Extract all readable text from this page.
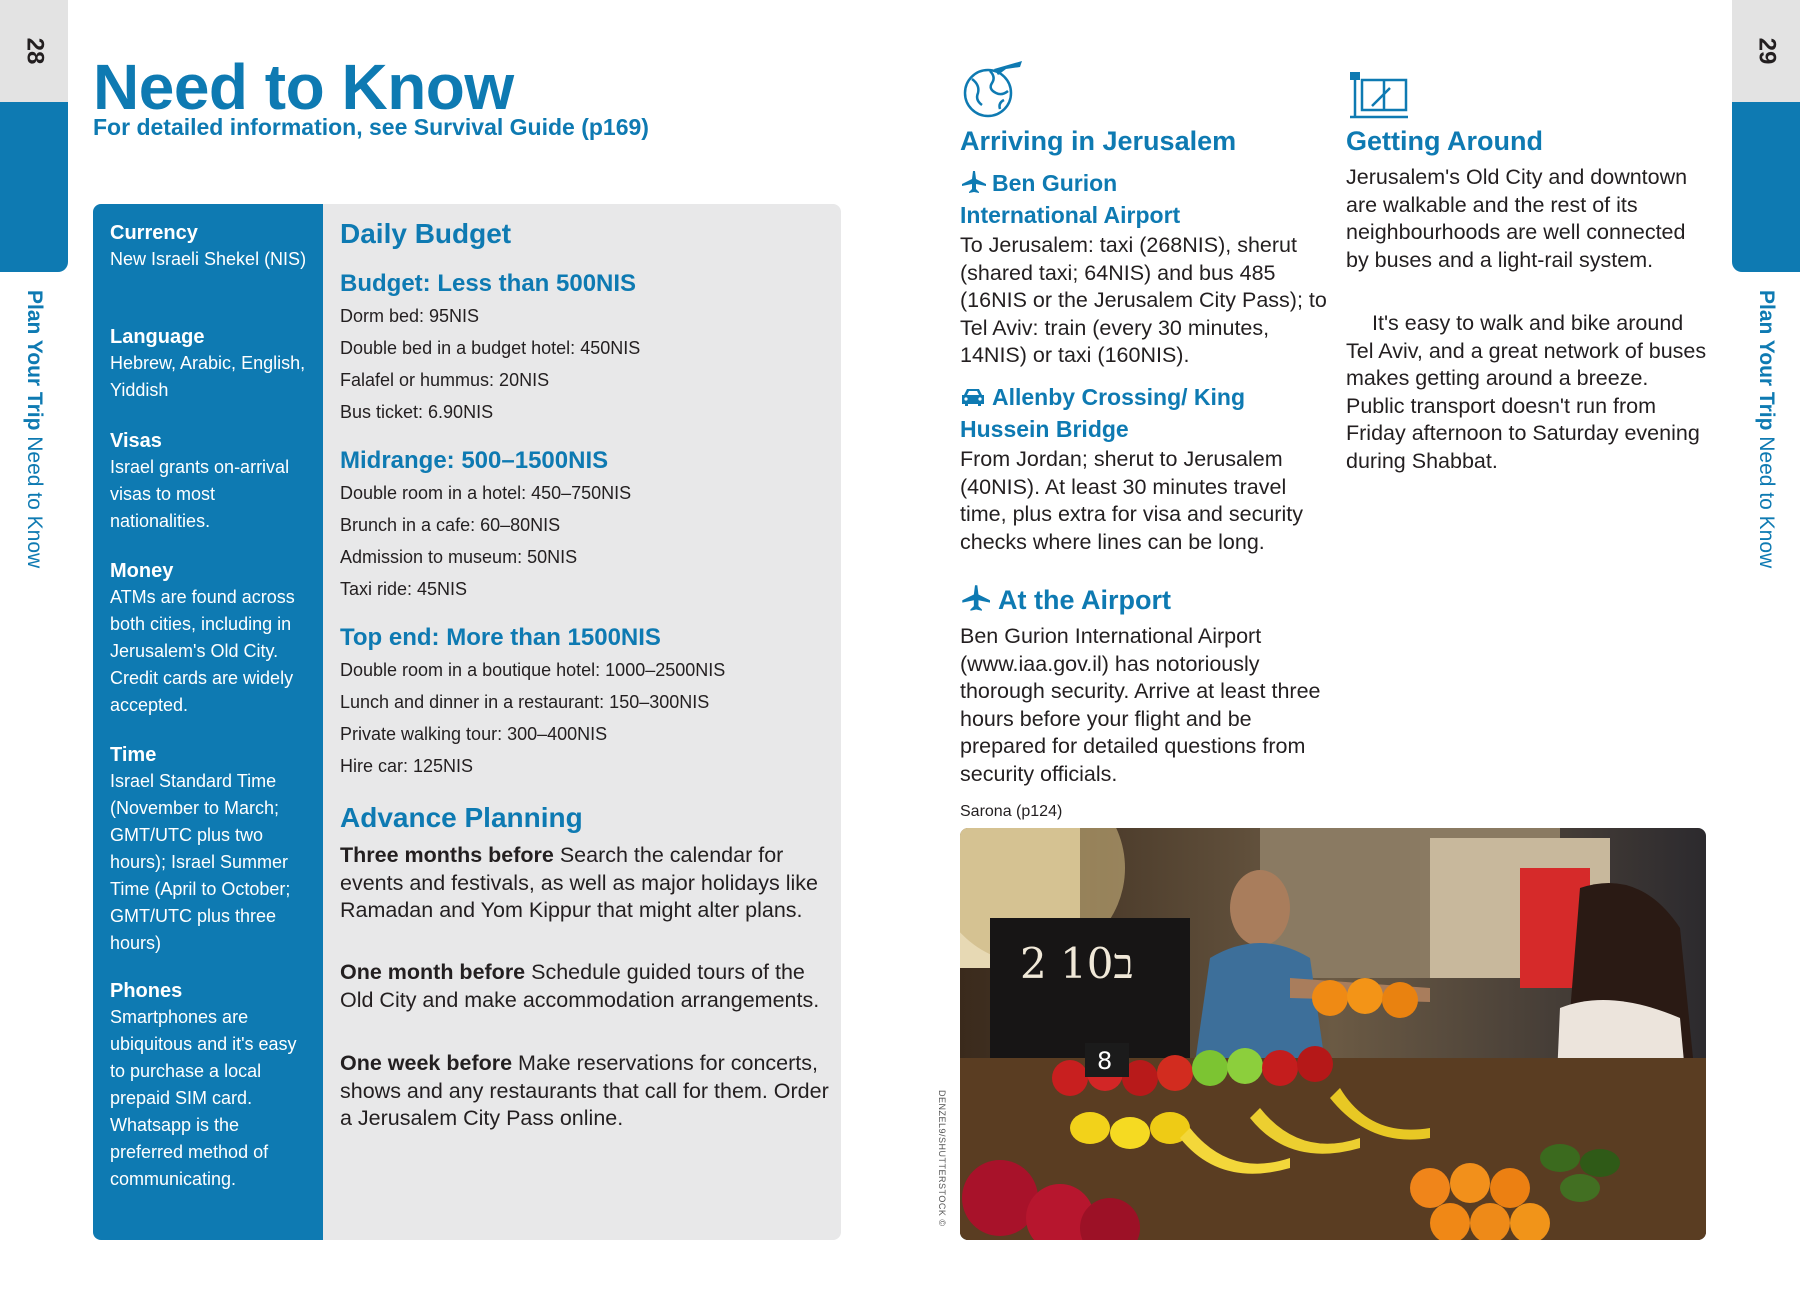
28
Plan Your Trip Need to Know
29
Plan Your Trip Need to Know
Need to Know
For detailed information, see Survival Guide (p169)
Currency

New Israeli Shekel (NIS)

Language

Hebrew, Arabic, English, Yiddish

Visas

Israel grants on-arrival visas to most nationalities.

Money

ATMs are found across both cities, including in Jerusalem's Old City. Credit cards are widely accepted.

Time

Israel Standard Time (November to March; GMT/UTC plus two hours); Israel Summer Time (April to October; GMT/UTC plus three hours)

Phones

Smartphones are ubiquitous and it's easy to purchase a local prepaid SIM card. Whatsapp is the preferred method of communicating.

Daily Budget
Budget: Less than 500NIS
Dorm bed: 95NIS
Double bed in a budget hotel: 450NIS
Falafel or hummus: 20NIS
Bus ticket: 6.90NIS
Midrange: 500–1500NIS
Double room in a hotel: 450–750NIS
Brunch in a cafe: 60–80NIS
Admission to museum: 50NIS
Taxi ride: 45NIS
Top end: More than 1500NIS
Double room in a boutique hotel: 1000–2500NIS
Lunch and dinner in a restaurant: 150–300NIS
Private walking tour: 300–400NIS
Hire car: 125NIS
Advance Planning

Three months before Search the calendar for events and festivals, as well as major holidays like Ramadan and Yom Kippur that might alter plans.

One month before Schedule guided tours of the Old City and make accommodation arrangements.

One week before Make reservations for concerts, shows and any restaurants that call for them. Order a Jerusalem City Pass online.

Arriving in Jerusalem
Ben Gurion International Airport

To Jerusalem: taxi (268NIS), sherut (shared taxi; 64NIS) and bus 485 (16NIS or the Jerusalem City Pass); to Tel Aviv: train (every 30 minutes, 14NIS) or taxi (160NIS).

Allenby Crossing/ King Hussein Bridge

From Jordan; sherut to Jerusalem (40NIS). At least 30 minutes travel time, plus extra for visa and security checks where lines can be long.

At the Airport

Ben Gurion International Airport (www.iaa.gov.il) has notoriously thorough security. Arrive at least three hours before your flight and be prepared for detailed questions from security officials.

Getting Around

Jerusalem's Old City and downtown are walkable and the rest of its neighbourhoods are well connected by buses and a light-rail system.

It's easy to walk and bike around Tel Aviv, and a great network of buses makes getting around a breeze. Public transport doesn't run from Friday afternoon to Saturday evening during Shabbat.

Sarona (p124)
DENZEL9/SHUTTERSTOCK ©
2 ב10
8
